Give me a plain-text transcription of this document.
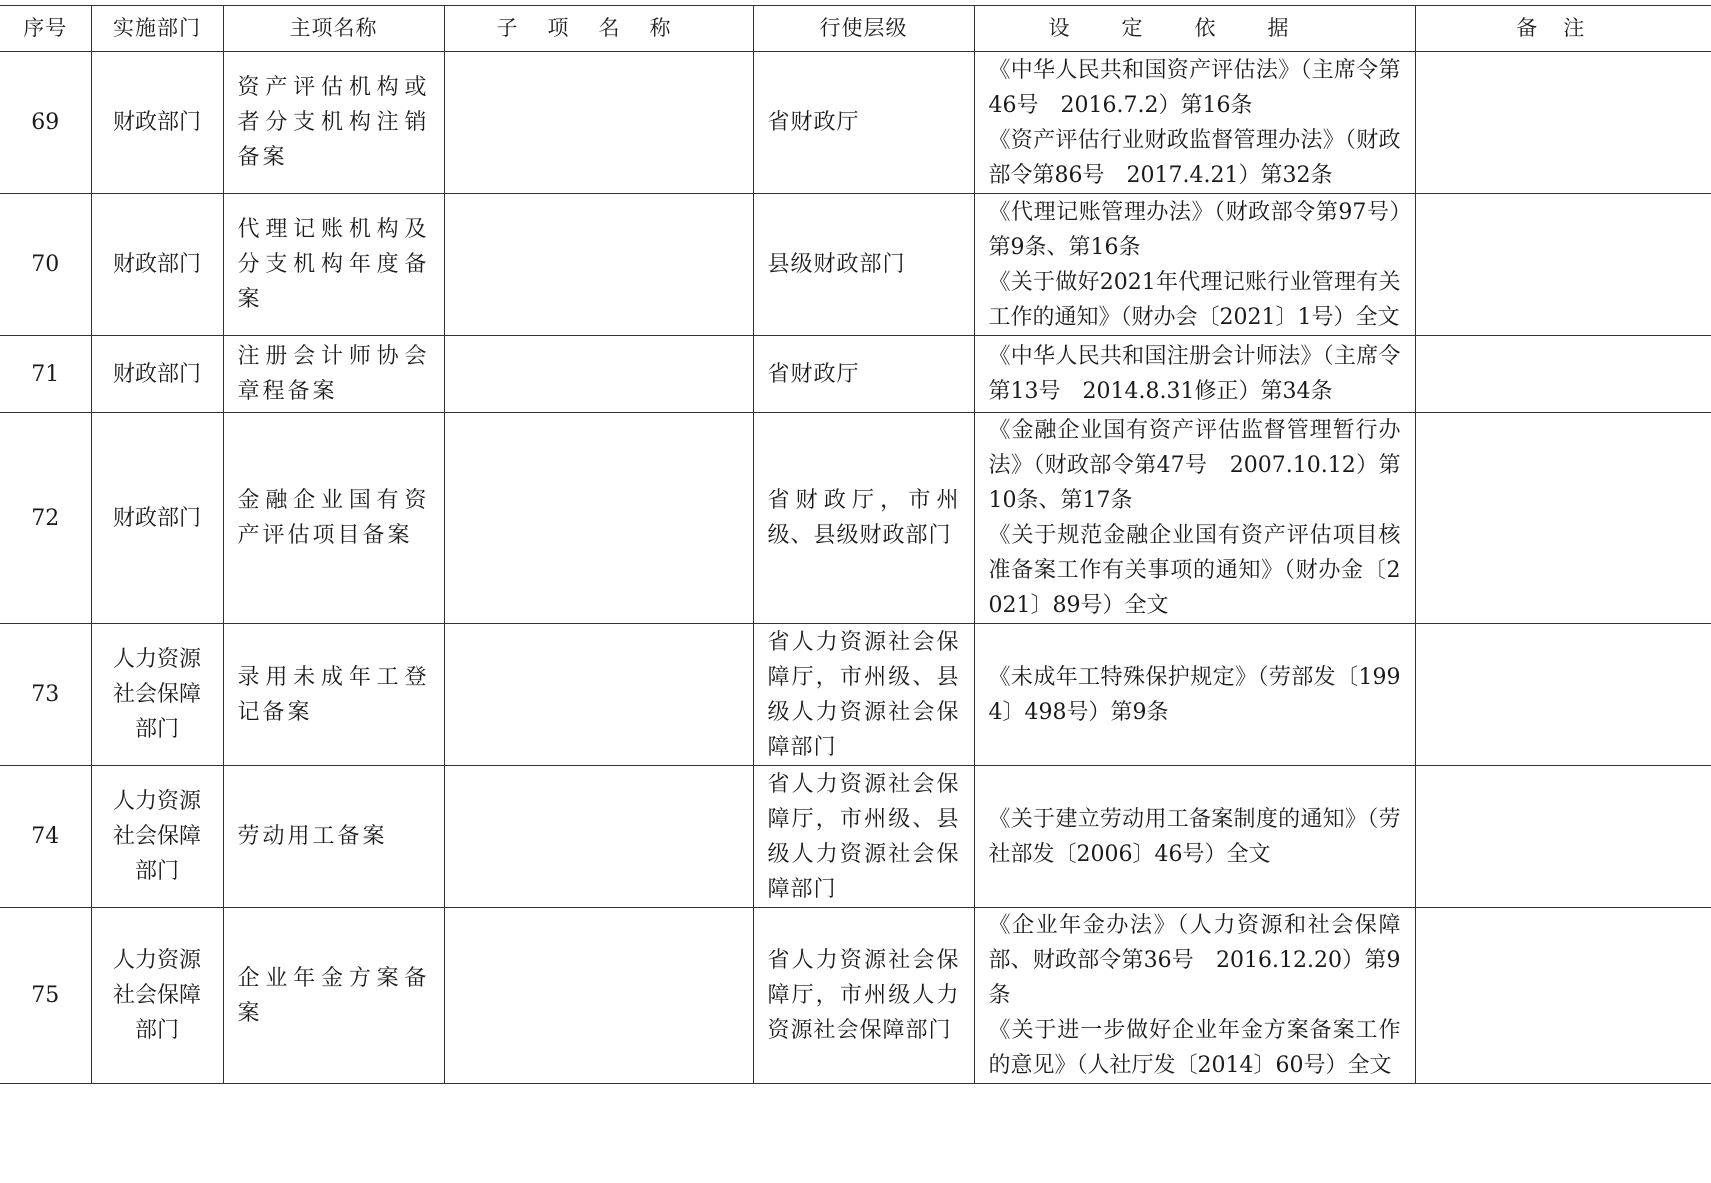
序号	实施部门	主项名称	子项名称	行使层级	设定依据	备注
69	财政部门	资产评估机构或者分支机构注销备案		省财政厅	《中华人民共和国资产评估法》（主席令第46号　2016.7.2）第16条
《资产评估行业财政监督管理办法》（财政部令第86号　2017.4.21）第32条	

70	财政部门	代理记账机构及分支机构年度备案		县级财政部门	《代理记账管理办法》（财政部令第97号）第9条、第16条
《关于做好2021年代理记账行业管理有关工作的通知》（财办会〔2021〕1号）全文	

71	财政部门	注册会计师协会章程备案		省财政厅	《中华人民共和国注册会计师法》（主席令第13号　2014.8.31修正）第34条	

72	财政部门	金融企业国有资产评估项目备案		省财政厅，市州级、县级财政部门	《金融企业国有资产评估监督管理暂行办法》（财政部令第47号　2007.10.12）第10条、第17条
《关于规范金融企业国有资产评估项目核准备案工作有关事项的通知》（财办金〔2021〕89号）全文	

73	人力资源社会保障部门	录用未成年工登记备案		省人力资源社会保障厅，市州级、县级人力资源社会保障部门	《未成年工特殊保护规定》（劳部发〔1994〕498号）第9条	

74	人力资源社会保障部门	劳动用工备案		省人力资源社会保障厅，市州级、县级人力资源社会保障部门	《关于建立劳动用工备案制度的通知》（劳社部发〔2006〕46号）全文	

75	人力资源社会保障部门	企业年金方案备案		省人力资源社会保障厅，市州级人力资源社会保障部门	《企业年金办法》（人力资源和社会保障部、财政部令第36号　2016.12.20）第9条
《关于进一步做好企业年金方案备案工作的意见》（人社厅发〔2014〕60号）全文	
